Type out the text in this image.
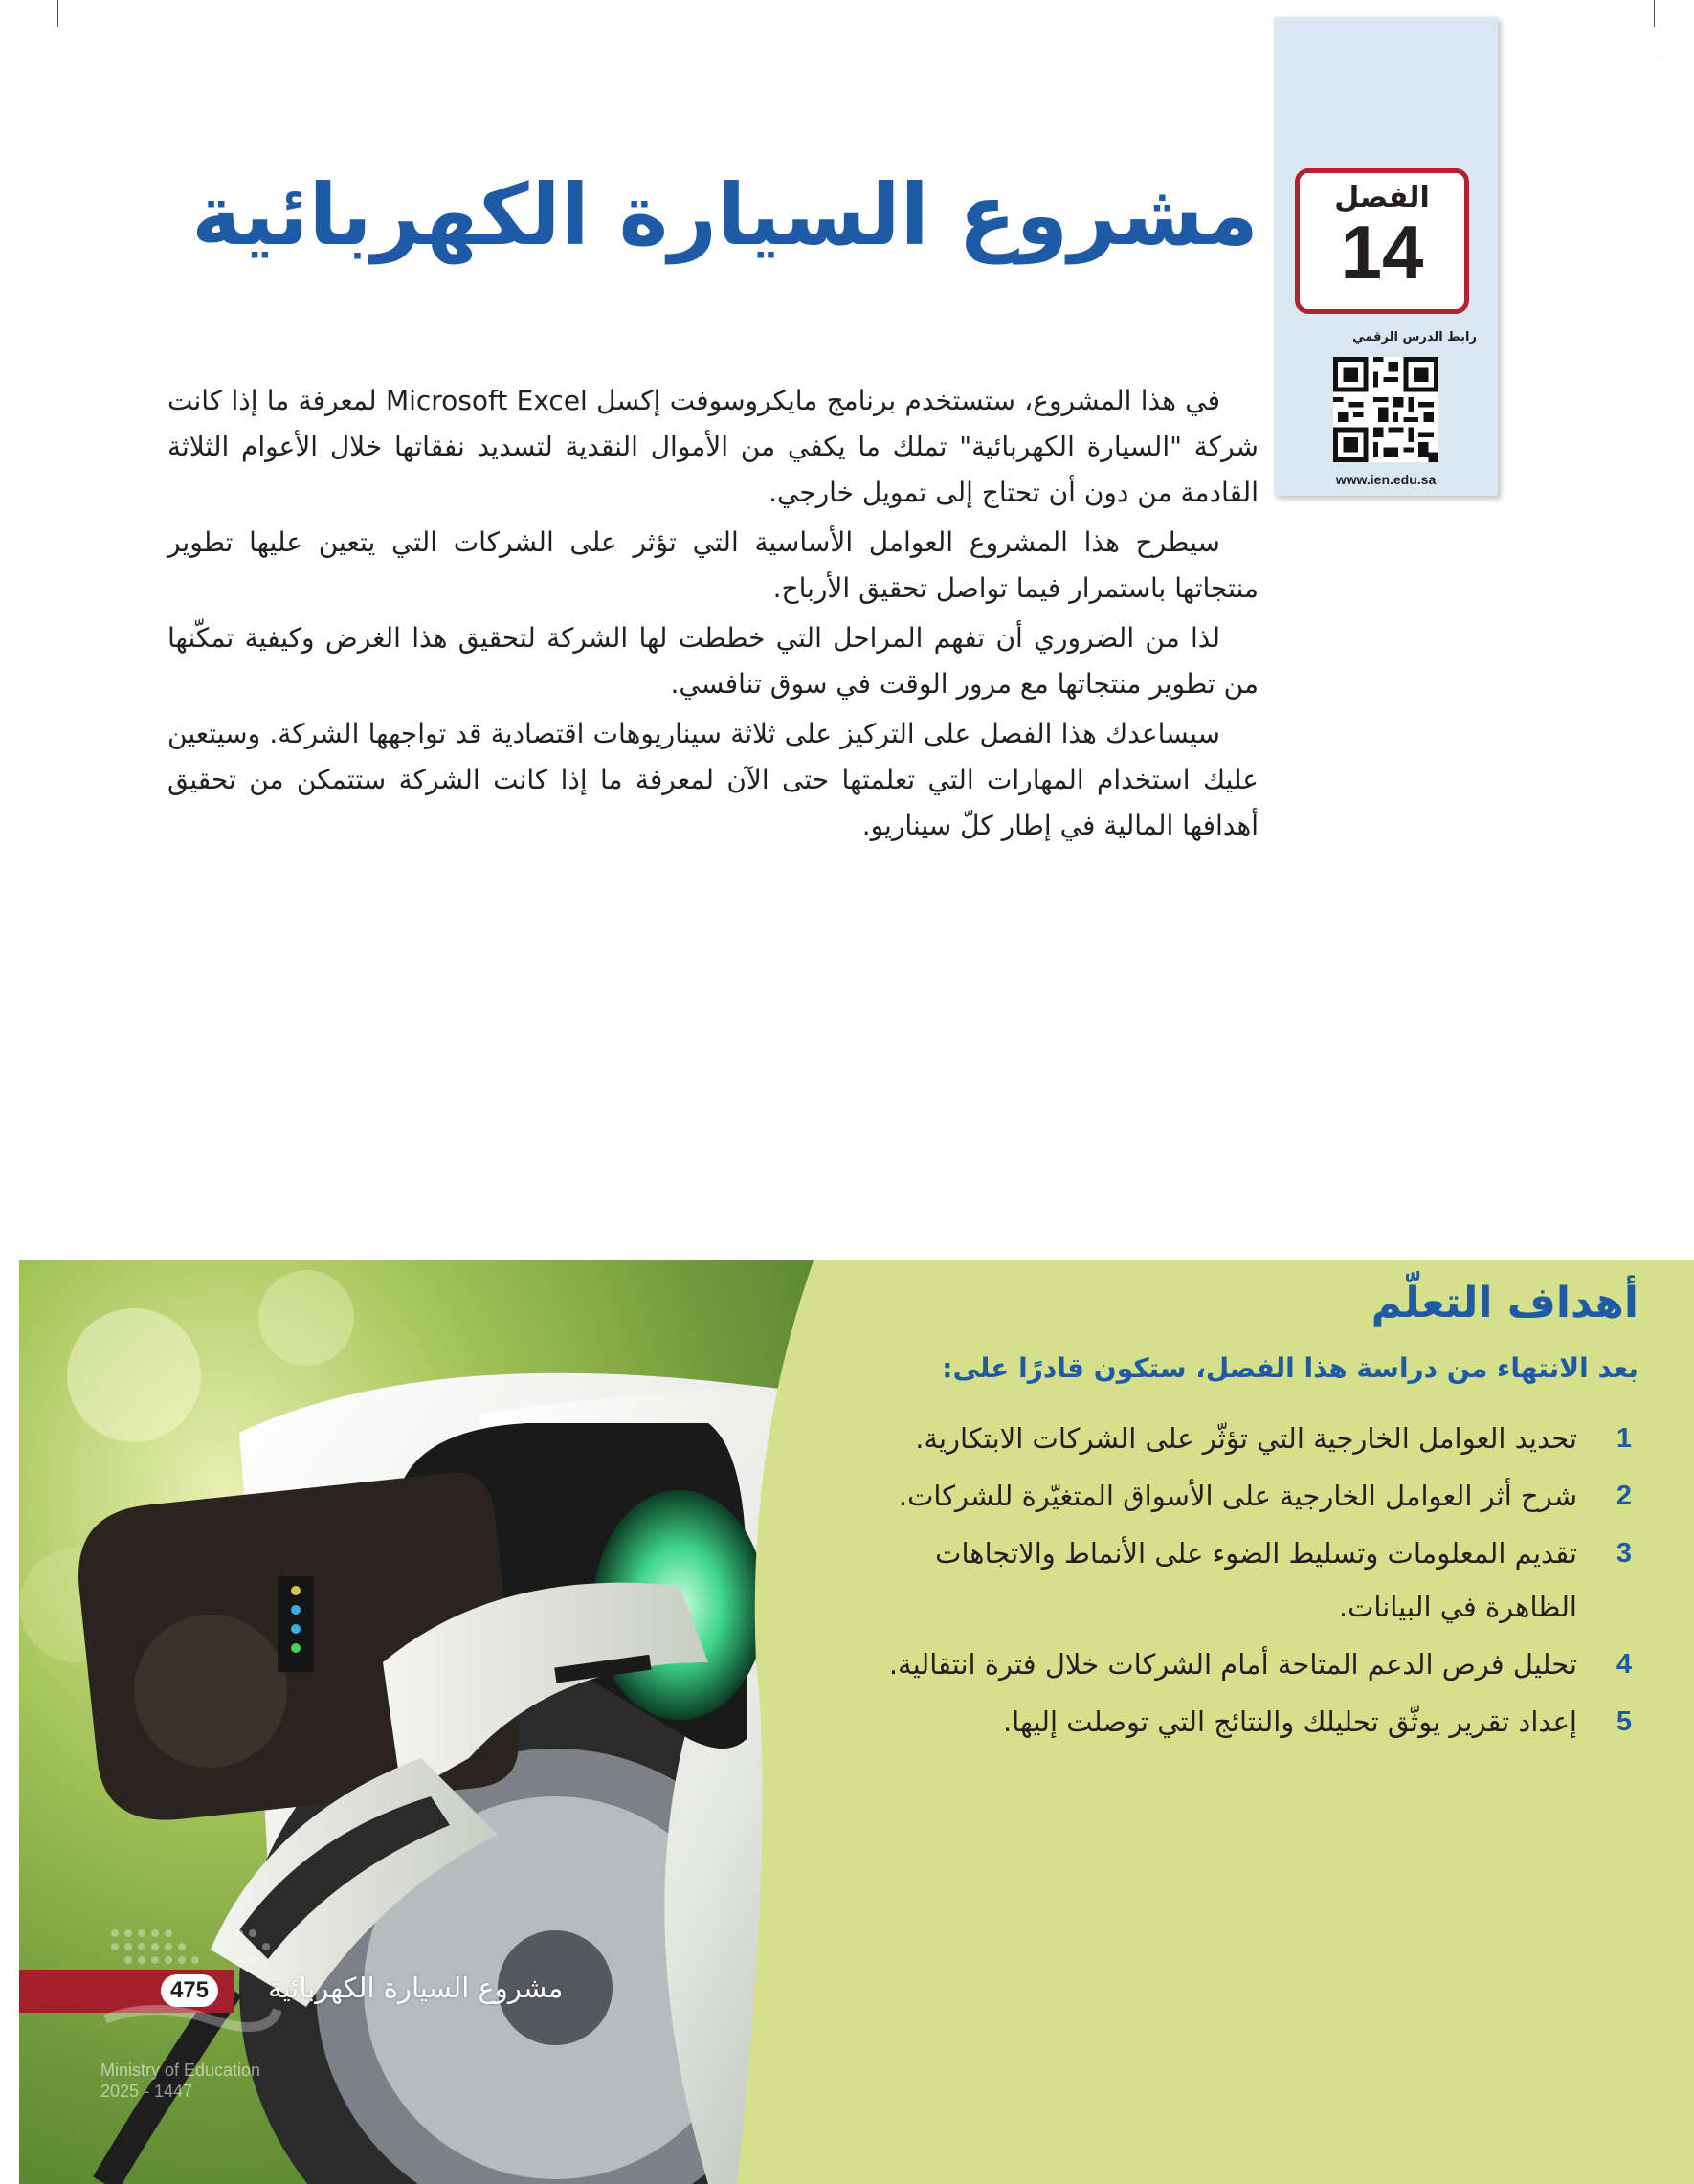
الفصل
14
رابط الدرس الرقمي
www.ien.edu.sa
مشروع السيارة الكهربائية

في هذا المشروع، ستستخدم برنامج مايكروسوفت إكسل Microsoft Excel لمعرفة ما إذا كانت شركة "السيارة الكهربائية" تملك ما يكفي من الأموال النقدية لتسديد نفقاتها خلال الأعوام الثلاثة القادمة من دون أن تحتاج إلى تمويل خارجي.

سيطرح هذا المشروع العوامل الأساسية التي تؤثر على الشركات التي يتعين عليها تطوير منتجاتها باستمرار فيما تواصل تحقيق الأرباح.

لذا من الضروري أن تفهم المراحل التي خططت لها الشركة لتحقيق هذا الغرض وكيفية تمكّنها من تطوير منتجاتها مع مرور الوقت في سوق تنافسي.

سيساعدك هذا الفصل على التركيز على ثلاثة سيناريوهات اقتصادية قد تواجهها الشركة. وسيتعين عليك استخدام المهارات التي تعلمتها حتى الآن لمعرفة ما إذا كانت الشركة ستتمكن من تحقيق أهدافها المالية في إطار كلّ سيناريو.

أهداف التعلّم

بعد الانتهاء من دراسة هذا الفصل، ستكون قادرًا على:

1
تحديد العوامل الخارجية التي تؤثّر على الشركات الابتكارية.
2
شرح أثر العوامل الخارجية على الأسواق المتغيّرة للشركات.
3
تقديم المعلومات وتسليط الضوء على الأنماط والاتجاهات الظاهرة في البيانات.
4
تحليل فرص الدعم المتاحة أمام الشركات خلال فترة انتقالية.
5
إعداد تقرير يوثّق تحليلك والنتائج التي توصلت إليها.
475	مشروع السيارة الكهربائية
Ministry of Education
2025 - 1447
